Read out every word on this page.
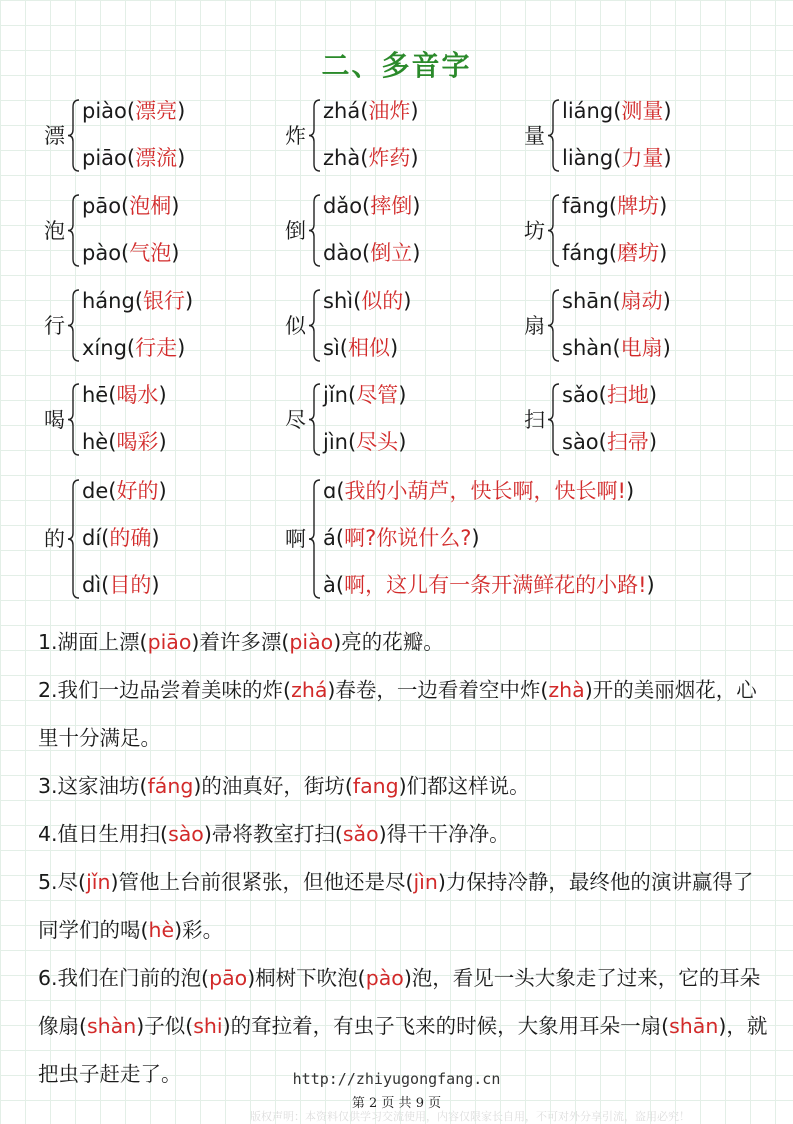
二、多音字
漂
piào(漂亮)
piāo(漂流)
炸
zhá(油炸)
zhà(炸药)
量
liáng(测量)
liàng(力量)
泡
pāo(泡桐)
pào(气泡)
倒
dǎo(摔倒)
dào(倒立)
坊
fāng(牌坊)
fáng(磨坊)
行
háng(银行)
xíng(行走)
似
shì(似的)
sì(相似)
扇
shān(扇动)
shàn(电扇)
喝
hē(喝水)
hè(喝彩)
尽
jǐn(尽管)
jìn(尽头)
扫
sǎo(扫地)
sào(扫帚)
的
de(好的)
dí(的确)
dì(目的)
啊
ɑ(我的小葫芦，快长啊，快长啊!)
á(啊?你说什么?)
à(啊，这儿有一条开满鲜花的小路!)
1.湖面上漂(piāo)着许多漂(piào)亮的花瓣。
2.我们一边品尝着美味的炸(zhá)春卷，一边看着空中炸(zhà)开的美丽烟花，心里十分满足。
3.这家油坊(fáng)的油真好，街坊(fang)们都这样说。
4.值日生用扫(sào)帚将教室打扫(sǎo)得干干净净。
5.尽(jǐn)管他上台前很紧张，但他还是尽(jìn)力保持冷静，最终他的演讲赢得了同学们的喝(hè)彩。
6.我们在门前的泡(pāo)桐树下吹泡(pào)泡，看见一头大象走了过来，它的耳朵像扇(shàn)子似(shi)的耷拉着，有虫子飞来的时候，大象用耳朵一扇(shān)，就把虫子赶走了。	http://zhiyugongfang.cn
第 2 页 共 9 页
版权声明：本资料仅供学习交流使用，内容仅限家长自用，不可对外分享引流，盗用必究！
